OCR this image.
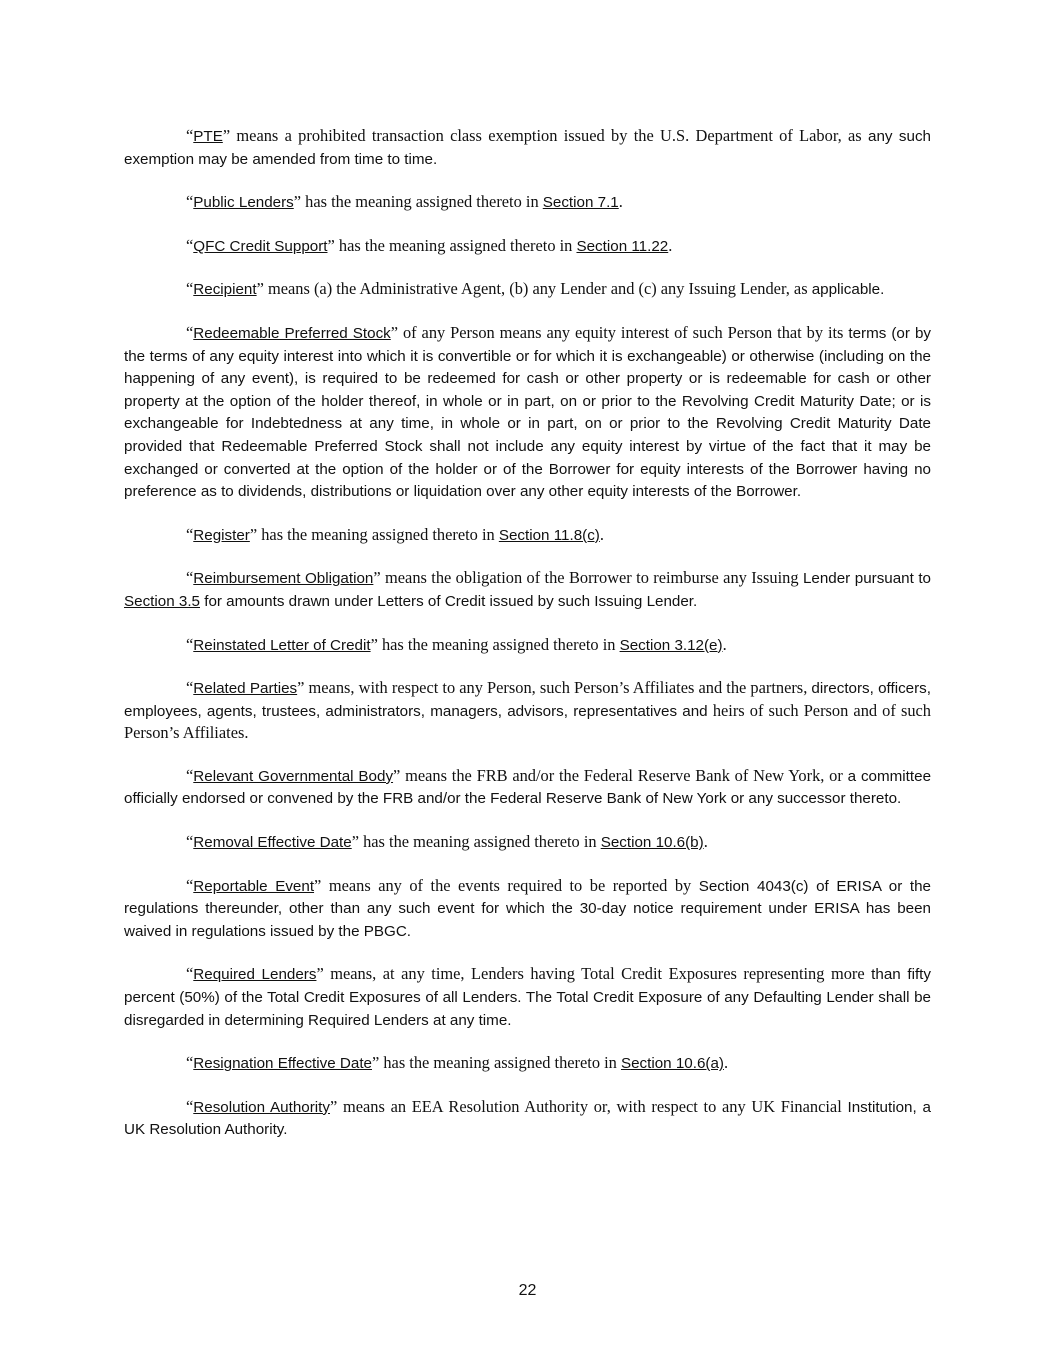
“PTE” means a prohibited transaction class exemption issued by the U.S. Department of Labor, as any such exemption may be amended from time to time.

“Public Lenders” has the meaning assigned thereto in Section 7.1.

“QFC Credit Support” has the meaning assigned thereto in Section 11.22.

“Recipient” means (a) the Administrative Agent, (b) any Lender and (c) any Issuing Lender, as applicable.

“Redeemable Preferred Stock” of any Person means any equity interest of such Person that by its terms (or by the terms of any equity interest into which it is convertible or for which it is exchangeable) or otherwise (including on the happening of any event), is required to be redeemed for cash or other property or is redeemable for cash or other property at the option of the holder thereof, in whole or in part, on or prior to the Revolving Credit Maturity Date; or is exchangeable for Indebtedness at any time, in whole or in part, on or prior to the Revolving Credit Maturity Date provided that Redeemable Preferred Stock shall not include any equity interest by virtue of the fact that it may be exchanged or converted at the option of the holder or of the Borrower for equity interests of the Borrower having no preference as to dividends, distributions or liquidation over any other equity interests of the Borrower.

“Register” has the meaning assigned thereto in Section 11.8(c).

“Reimbursement Obligation” means the obligation of the Borrower to reimburse any Issuing Lender pursuant to Section 3.5 for amounts drawn under Letters of Credit issued by such Issuing Lender.

“Reinstated Letter of Credit” has the meaning assigned thereto in Section 3.12(e).

“Related Parties” means, with respect to any Person, such Person’s Affiliates and the partners, directors, officers, employees, agents, trustees, administrators, managers, advisors, representatives and heirs of such Person and of such Person’s Affiliates.

“Relevant Governmental Body” means the FRB and/or the Federal Reserve Bank of New York, or a committee officially endorsed or convened by the FRB and/or the Federal Reserve Bank of New York or any successor thereto.

“Removal Effective Date” has the meaning assigned thereto in Section 10.6(b).

“Reportable Event” means any of the events required to be reported by Section 4043(c) of ERISA or the regulations thereunder, other than any such event for which the 30-day notice requirement under ERISA has been waived in regulations issued by the PBGC.

“Required Lenders” means, at any time, Lenders having Total Credit Exposures representing more than fifty percent (50%) of the Total Credit Exposures of all Lenders. The Total Credit Exposure of any Defaulting Lender shall be disregarded in determining Required Lenders at any time.

“Resignation Effective Date” has the meaning assigned thereto in Section 10.6(a).

“Resolution Authority” means an EEA Resolution Authority or, with respect to any UK Financial Institution, a UK Resolution Authority.

22
